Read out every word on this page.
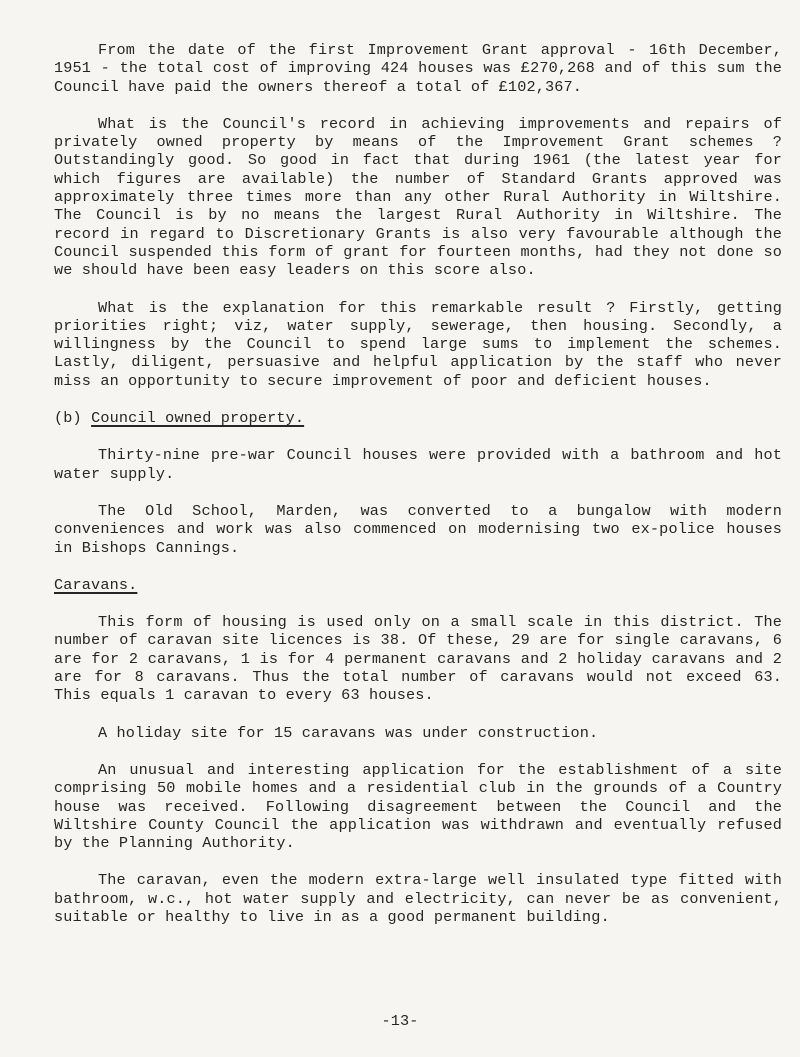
From the date of the first Improvement Grant approval - 16th December, 1951 - the total cost of improving 424 houses was £270,268 and of this sum the Council have paid the owners thereof a total of £102,367.

What is the Council's record in achieving improvements and repairs of privately owned property by means of the Improvement Grant schemes ? Outstandingly good. So good in fact that during 1961 (the latest year for which figures are available) the number of Standard Grants approved was approximately three times more than any other Rural Authority in Wiltshire. The Council is by no means the largest Rural Authority in Wiltshire. The record in regard to Discretionary Grants is also very favourable although the Council suspended this form of grant for fourteen months, had they not done so we should have been easy leaders on this score also.

What is the explanation for this remarkable result ? Firstly, getting priorities right; viz, water supply, sewerage, then housing. Secondly, a willingness by the Council to spend large sums to implement the schemes. Lastly, diligent, persuasive and helpful application by the staff who never miss an opportunity to secure improvement of poor and deficient houses.

(b) Council owned property.

Thirty-nine pre-war Council houses were provided with a bathroom and hot water supply.

The Old School, Marden, was converted to a bungalow with modern conveniences and work was also commenced on modernising two ex-police houses in Bishops Cannings.

Caravans.

This form of housing is used only on a small scale in this district. The number of caravan site licences is 38. Of these, 29 are for single caravans, 6 are for 2 caravans, 1 is for 4 permanent caravans and 2 holiday caravans and 2 are for 8 caravans. Thus the total number of caravans would not exceed 63. This equals 1 caravan to every 63 houses.

A holiday site for 15 caravans was under construction.

An unusual and interesting application for the establishment of a site comprising 50 mobile homes and a residential club in the grounds of a Country house was received. Following disagreement between the Council and the Wiltshire County Council the application was withdrawn and eventually refused by the Planning Authority.

The caravan, even the modern extra-large well insulated type fitted with bathroom, w.c., hot water supply and electricity, can never be as convenient, suitable or healthy to live in as a good permanent building.

-13-
